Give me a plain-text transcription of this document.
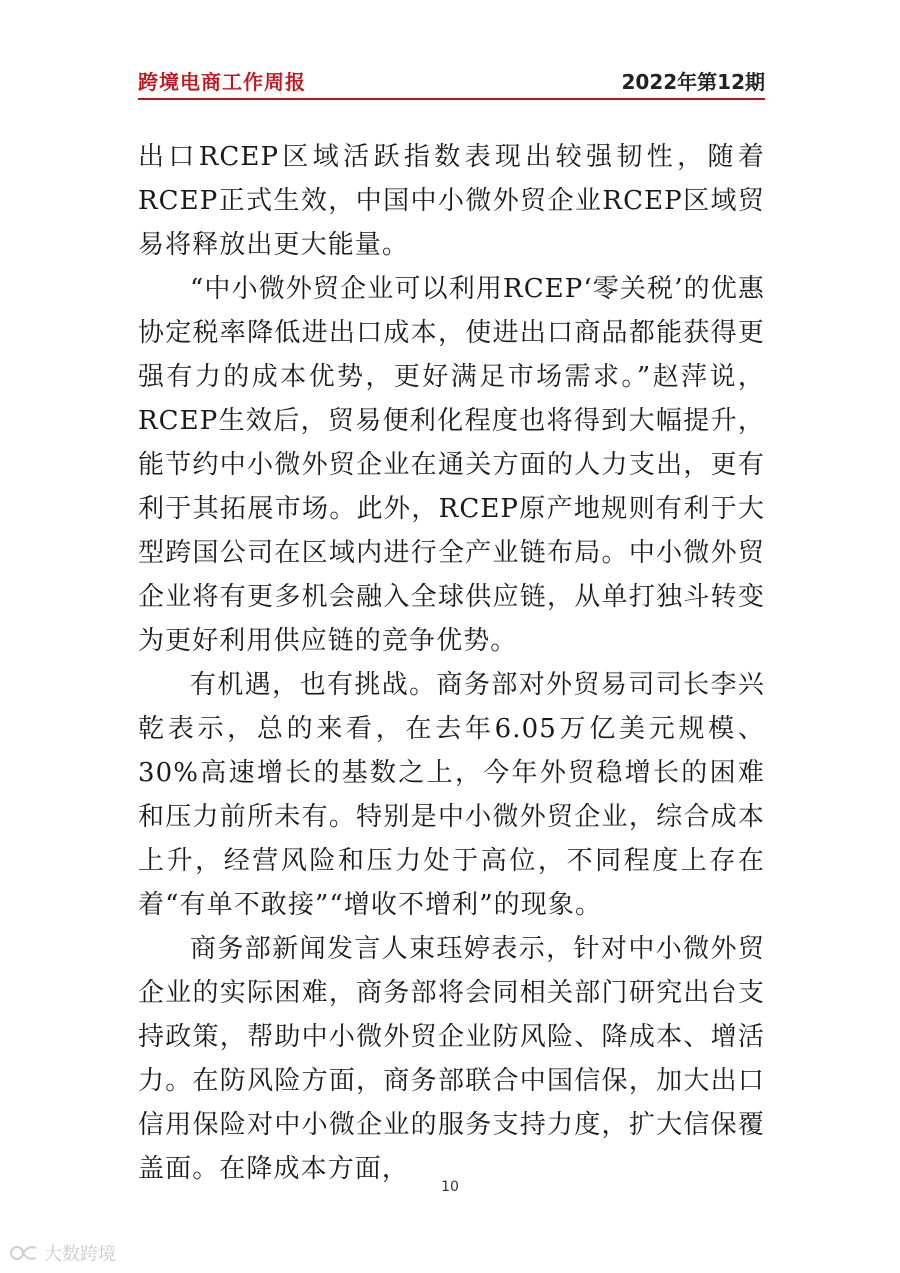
跨境电商工作周报	2022年第12期

出口RCEP区域活跃指数表现出较强韧性，随着RCEP正式生效，中国中小微外贸企业RCEP区域贸易将释放出更大能量。

“中小微外贸企业可以利用RCEP‘零关税’的优惠协定税率降低进出口成本，使进出口商品都能获得更强有力的成本优势，更好满足市场需求。”赵萍说，RCEP生效后，贸易便利化程度也将得到大幅提升，能节约中小微外贸企业在通关方面的人力支出，更有利于其拓展市场。此外，RCEP原产地规则有利于大型跨国公司在区域内进行全产业链布局。中小微外贸企业将有更多机会融入全球供应链，从单打独斗转变为更好利用供应链的竞争优势。

有机遇，也有挑战。商务部对外贸易司司长李兴乾表示，总的来看，在去年6.05万亿美元规模、30%高速增长的基数之上，今年外贸稳增长的困难和压力前所未有。特别是中小微外贸企业，综合成本上升，经营风险和压力处于高位，不同程度上存在着“有单不敢接”“增收不增利”的现象。

商务部新闻发言人束珏婷表示，针对中小微外贸企业的实际困难，商务部将会同相关部门研究出台支持政策，帮助中小微外贸企业防风险、降成本、增活力。在防风险方面，商务部联合中国信保，加大出口信用保险对中小微企业的服务支持力度，扩大信保覆盖面。在降成本方面，

10
大数跨境
